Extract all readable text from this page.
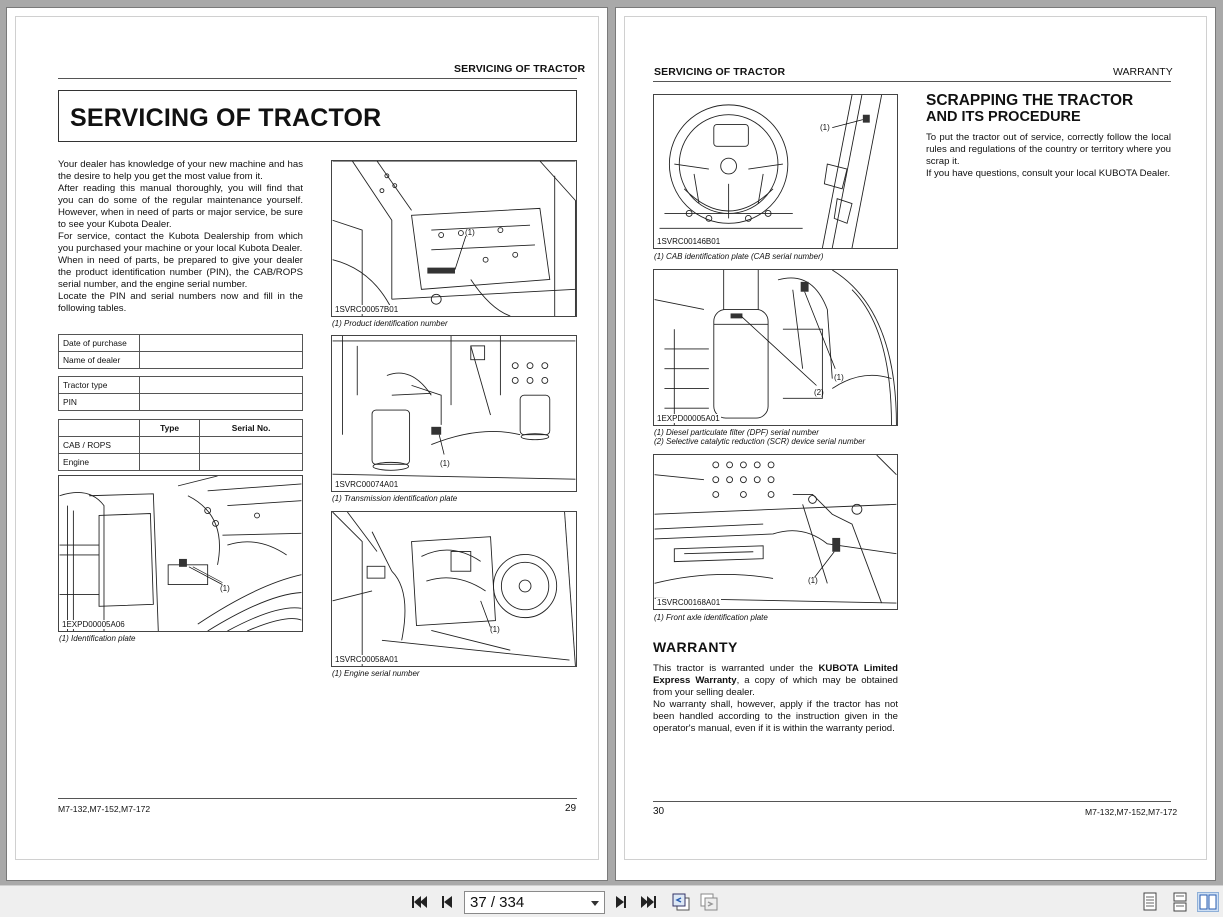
SERVICING OF TRACTOR
SERVICING OF TRACTOR

Your dealer has knowledge of your new machine and has the desire to help you get the most value from it.

After reading this manual thoroughly, you will find that you can do some of the regular maintenance yourself. However, when in need of parts or major service, be sure to see your Kubota Dealer.

For service, contact the Kubota Dealership from which you purchased your machine or your local Kubota Dealer.

When in need of parts, be prepared to give your dealer the product identification number (PIN), the CAB/ROPS serial number, and the engine serial number.

Locate the PIN and serial numbers now and fill in the following tables.

Date of purchase	
Name of dealer	
Tractor type	
PIN	
	Type	Serial No.
CAB / ROPS		
Engine		
(1)
1EXPD00005A06
(1) Identification plate
(1)
1SVRC00057B01
(1) Product identification number
(1)
1SVRC00074A01
(1) Transmission identification plate
(1)
1SVRC00058A01
(1) Engine serial number
M7-132,M7-152,M7-172	29
SERVICING OF TRACTOR	WARRANTY
(1)
1SVRC00146B01
(1) CAB identification plate (CAB serial number)
(1)
(2)
1EXPD00005A01
(1) Diesel particulate filter (DPF) serial number
(2) Selective catalytic reduction (SCR) device serial number
(1)
1SVRC00168A01
(1) Front axle identification plate
SCRAPPING THE TRACTOR
AND ITS PROCEDURE

To put the tractor out of service, correctly follow the local rules and regulations of the country or territory where you scrap it.

If you have questions, consult your local KUBOTA Dealer.

WARRANTY

This tractor is warranted under the KUBOTA Limited Express Warranty, a copy of which may be obtained from your selling dealer.

No warranty shall, however, apply if the tractor has not been handled according to the instruction given in the operator's manual, even if it is within the warranty period.

30	M7-132,M7-152,M7-172
37 / 334
